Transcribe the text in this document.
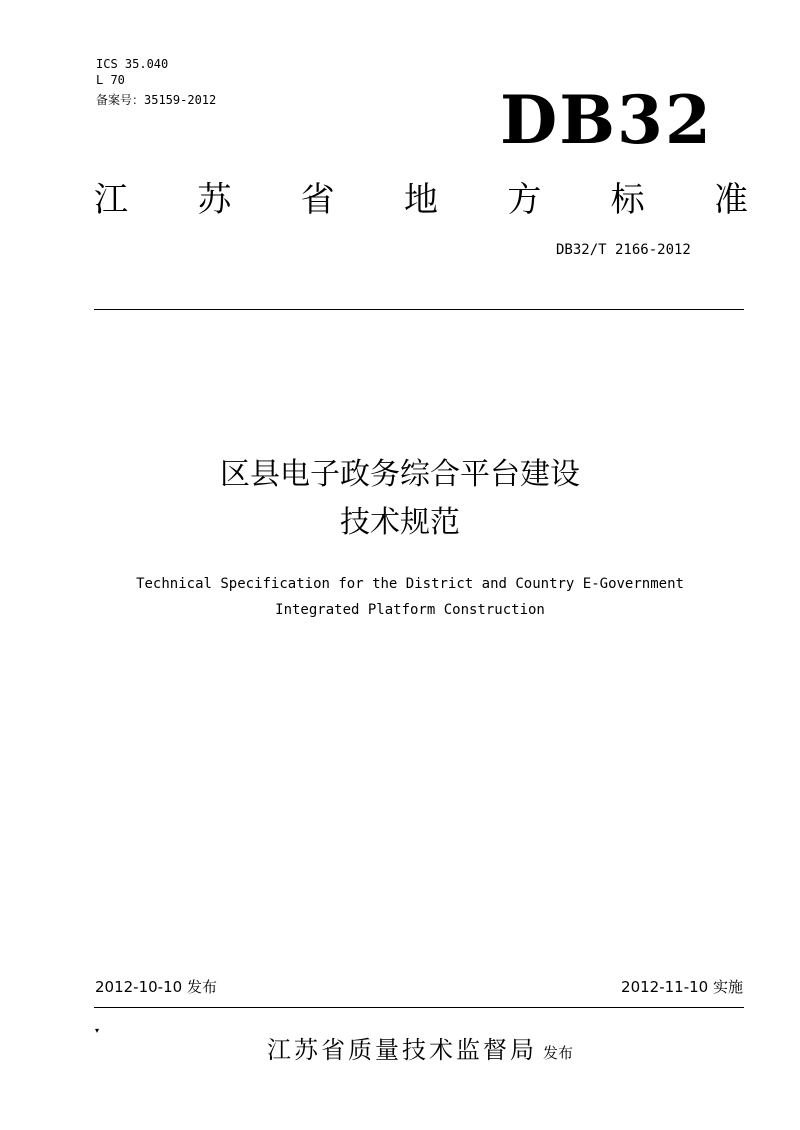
ICS 35.040
L 70
备案号：35159-2012	DB32
江 苏 省 地 方 标 准
DB32/T 2166-2012
区县电子政务综合平台建设
技术规范
Technical Specification for the District and Country E-Government
Integrated Platform Construction
2012-10-10 发布	2012-11-10 实施
▾
江苏省质量技术监督局 发布
